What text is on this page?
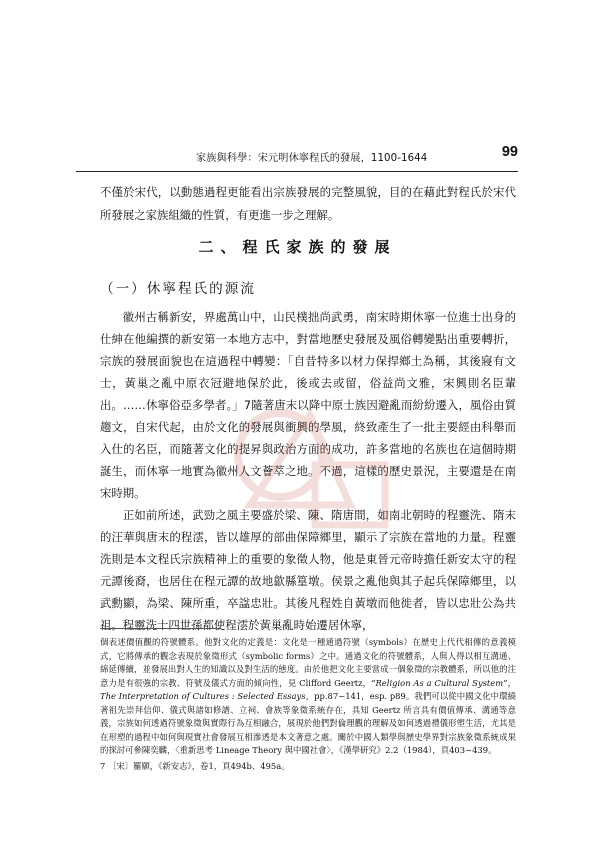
家族與科學：宋元明休寧程氏的發展，1100-1644	99
不僅於宋代，以動態過程更能看出宗族發展的完整風貌，目的在藉此對程氏於宋代所發展之家族組織的性質，有更進一步之理解。
二、程氏家族的發展
（一）休寧程氏的源流

徽州古稱新安，界處萬山中，山民樸拙尚武勇，南宋時期休寧一位進士出身的仕紳在他編撰的新安第一本地方志中，對當地歷史發展及風俗轉變點出重要轉折，宗族的發展面貌也在這過程中轉變：「自昔特多以材力保捍鄉土為稱，其後寢有文士，黃巢之亂中原衣冠避地保於此，後或去或留，俗益尚文雅，宋興則名臣輩出。……休寧俗亞多學者。」7隨著唐末以降中原士族因避亂而紛紛遷入，風俗由質趨文，自宋代起，由於文化的發展與衝興的學風，終致產生了一批主要經由科舉而入仕的名臣，而隨著文化的提昇與政治方面的成功，許多當地的名族也在這個時期誕生，而休寧一地實為徽州人文薈萃之地。不過，這樣的歷史景況，主要還是在南宋時期。

正如前所述，武勁之風主要盛於梁、陳、隋唐間，如南北朝時的程靈洗、隋末的汪華與唐末的程澐，皆以雄厚的部曲保障鄉里，顯示了宗族在當地的力量。程靈洗則是本文程氏宗族精神上的重要的象徵人物，他是東晉元帝時擔任新安太守的程元譚後裔，也居住在程元譚的故地歙縣篁墩。侯景之亂他與其子起兵保障鄉里，以武勳顯，為梁、陳所重，卒諡忠壯。其後凡程姓自黃墩而他徙者，皆以忠壯公為共祖。程靈洗十四世孫都使程澐於黃巢亂時始遷居休寧，

個表述價值觀的符號體系。他對文化的定義是：文化是一種通過符號（symbols）在歷史上代代相傳的意義模式，它將傳承的觀念表現於象徵形式（symbolic forms）之中。通過文化的符號體系，人與人得以相互溝通、綿延傳續，並發展出對人生的知識以及對生活的態度。由於他把文化主要當成一個象徵的宗教體系，所以他的注意力是有很強的宗教、符號及儀式方面的傾向性，見 Clifford Geertz，“Religion As a Cultural System”，The Interpretation of Cultures : Selected Essays，pp.87~141，esp. p89。我們可以從中國文化中環繞著祖先崇拜信仰、儀式與諸如修譜、立祠、會族等象徵系統存在，具知 Geertz 所言具有價值傳承、溝通等意義，宗族如何透過符號象徵與實際行為互相融合，展現於他們對倫理觀的理解及如何透過禮儀形塑生活，尤其是在形塑的過程中如何與現實社會發展互相滲透是本文著意之處。關於中國人類學與歷史學界對宗族象徵系統成果的探討可參陳奕麟，〈重新思考 Lineage Theory 與中國社會〉，《漢學研究》2.2（1984），頁403~439。

7 〔宋〕羅願，《新安志》，卷1，頁494b、495a。
